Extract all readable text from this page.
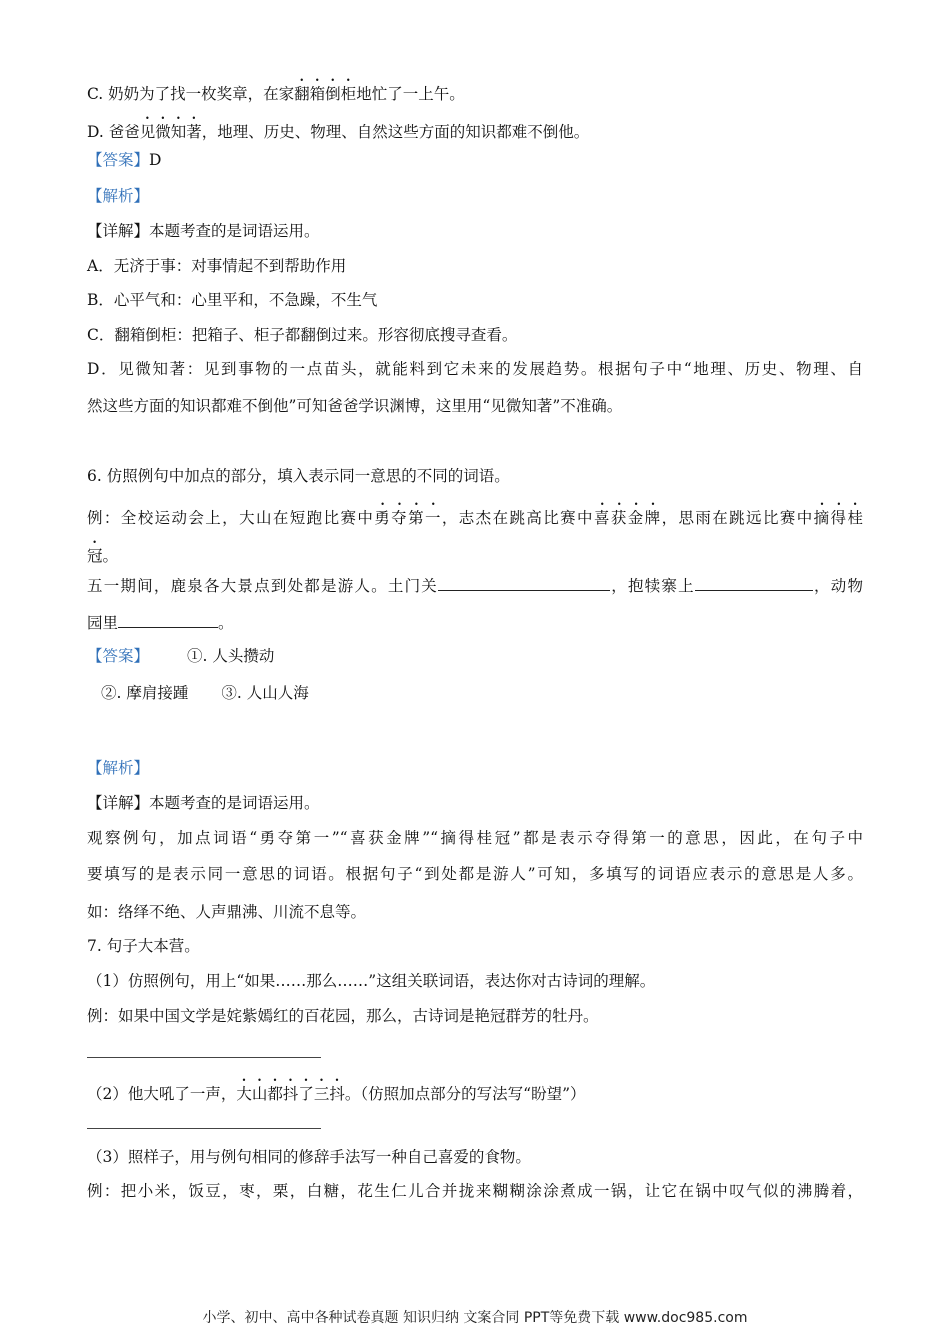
C. 奶奶为了找一枚奖章，在家翻箱倒柜地忙了一上午。
D. 爸爸见微知著，地理、历史、物理、自然这些方面的知识都难不倒他。
【答案】D
【解析】
【详解】本题考查的是词语运用。
A．无济于事：对事情起不到帮助作用
B．心平气和：心里平和，不急躁，不生气
C．翻箱倒柜：把箱子、柜子都翻倒过来。形容彻底搜寻查看。
D．见微知著：见到事物的一点苗头，就能料到它未来的发展趋势。根据句子中“地理、历史、物理、自
然这些方面的知识都难不倒他”可知爸爸学识渊博，这里用“见微知著”不准确。
6. 仿照例句中加点的部分，填入表示同一意思的不同的词语。
例：全校运动会上，大山在短跑比赛中勇夺第一，志杰在跳高比赛中喜获金牌，思雨在跳远比赛中摘得桂
冠。
五一期间，鹿泉各大景点到处都是游人。土门关	，抱犊寨上	，动物
园里	。
【答案】 ①. 人头攒动
②. 摩肩接踵 ③. 人山人海
【解析】
【详解】本题考查的是词语运用。
观察例句，加点词语“勇夺第一”“喜获金牌”“摘得桂冠”都是表示夺得第一的意思，因此，在句子中
要填写的是表示同一意思的词语。根据句子“到处都是游人”可知，多填写的词语应表示的意思是人多。
如：络绎不绝、人声鼎沸、川流不息等。
7. 句子大本营。
（1）仿照例句，用上“如果……那么……”这组关联词语，表达你对古诗词的理解。
例：如果中国文学是姹紫嫣红的百花园，那么，古诗词是艳冠群芳的牡丹。
（2）他大吼了一声，大山都抖了三抖。（仿照加点部分的写法写“盼望”）
（3）照样子，用与例句相同的修辞手法写一种自己喜爱的食物。
例：把小米，饭豆，枣，栗，白糖，花生仁儿合并拢来糊糊涂涂煮成一锅，让它在锅中叹气似的沸腾着，
小学、初中、高中各种试卷真题 知识归纳 文案合同 PPT等免费下载 www.doc985.com
